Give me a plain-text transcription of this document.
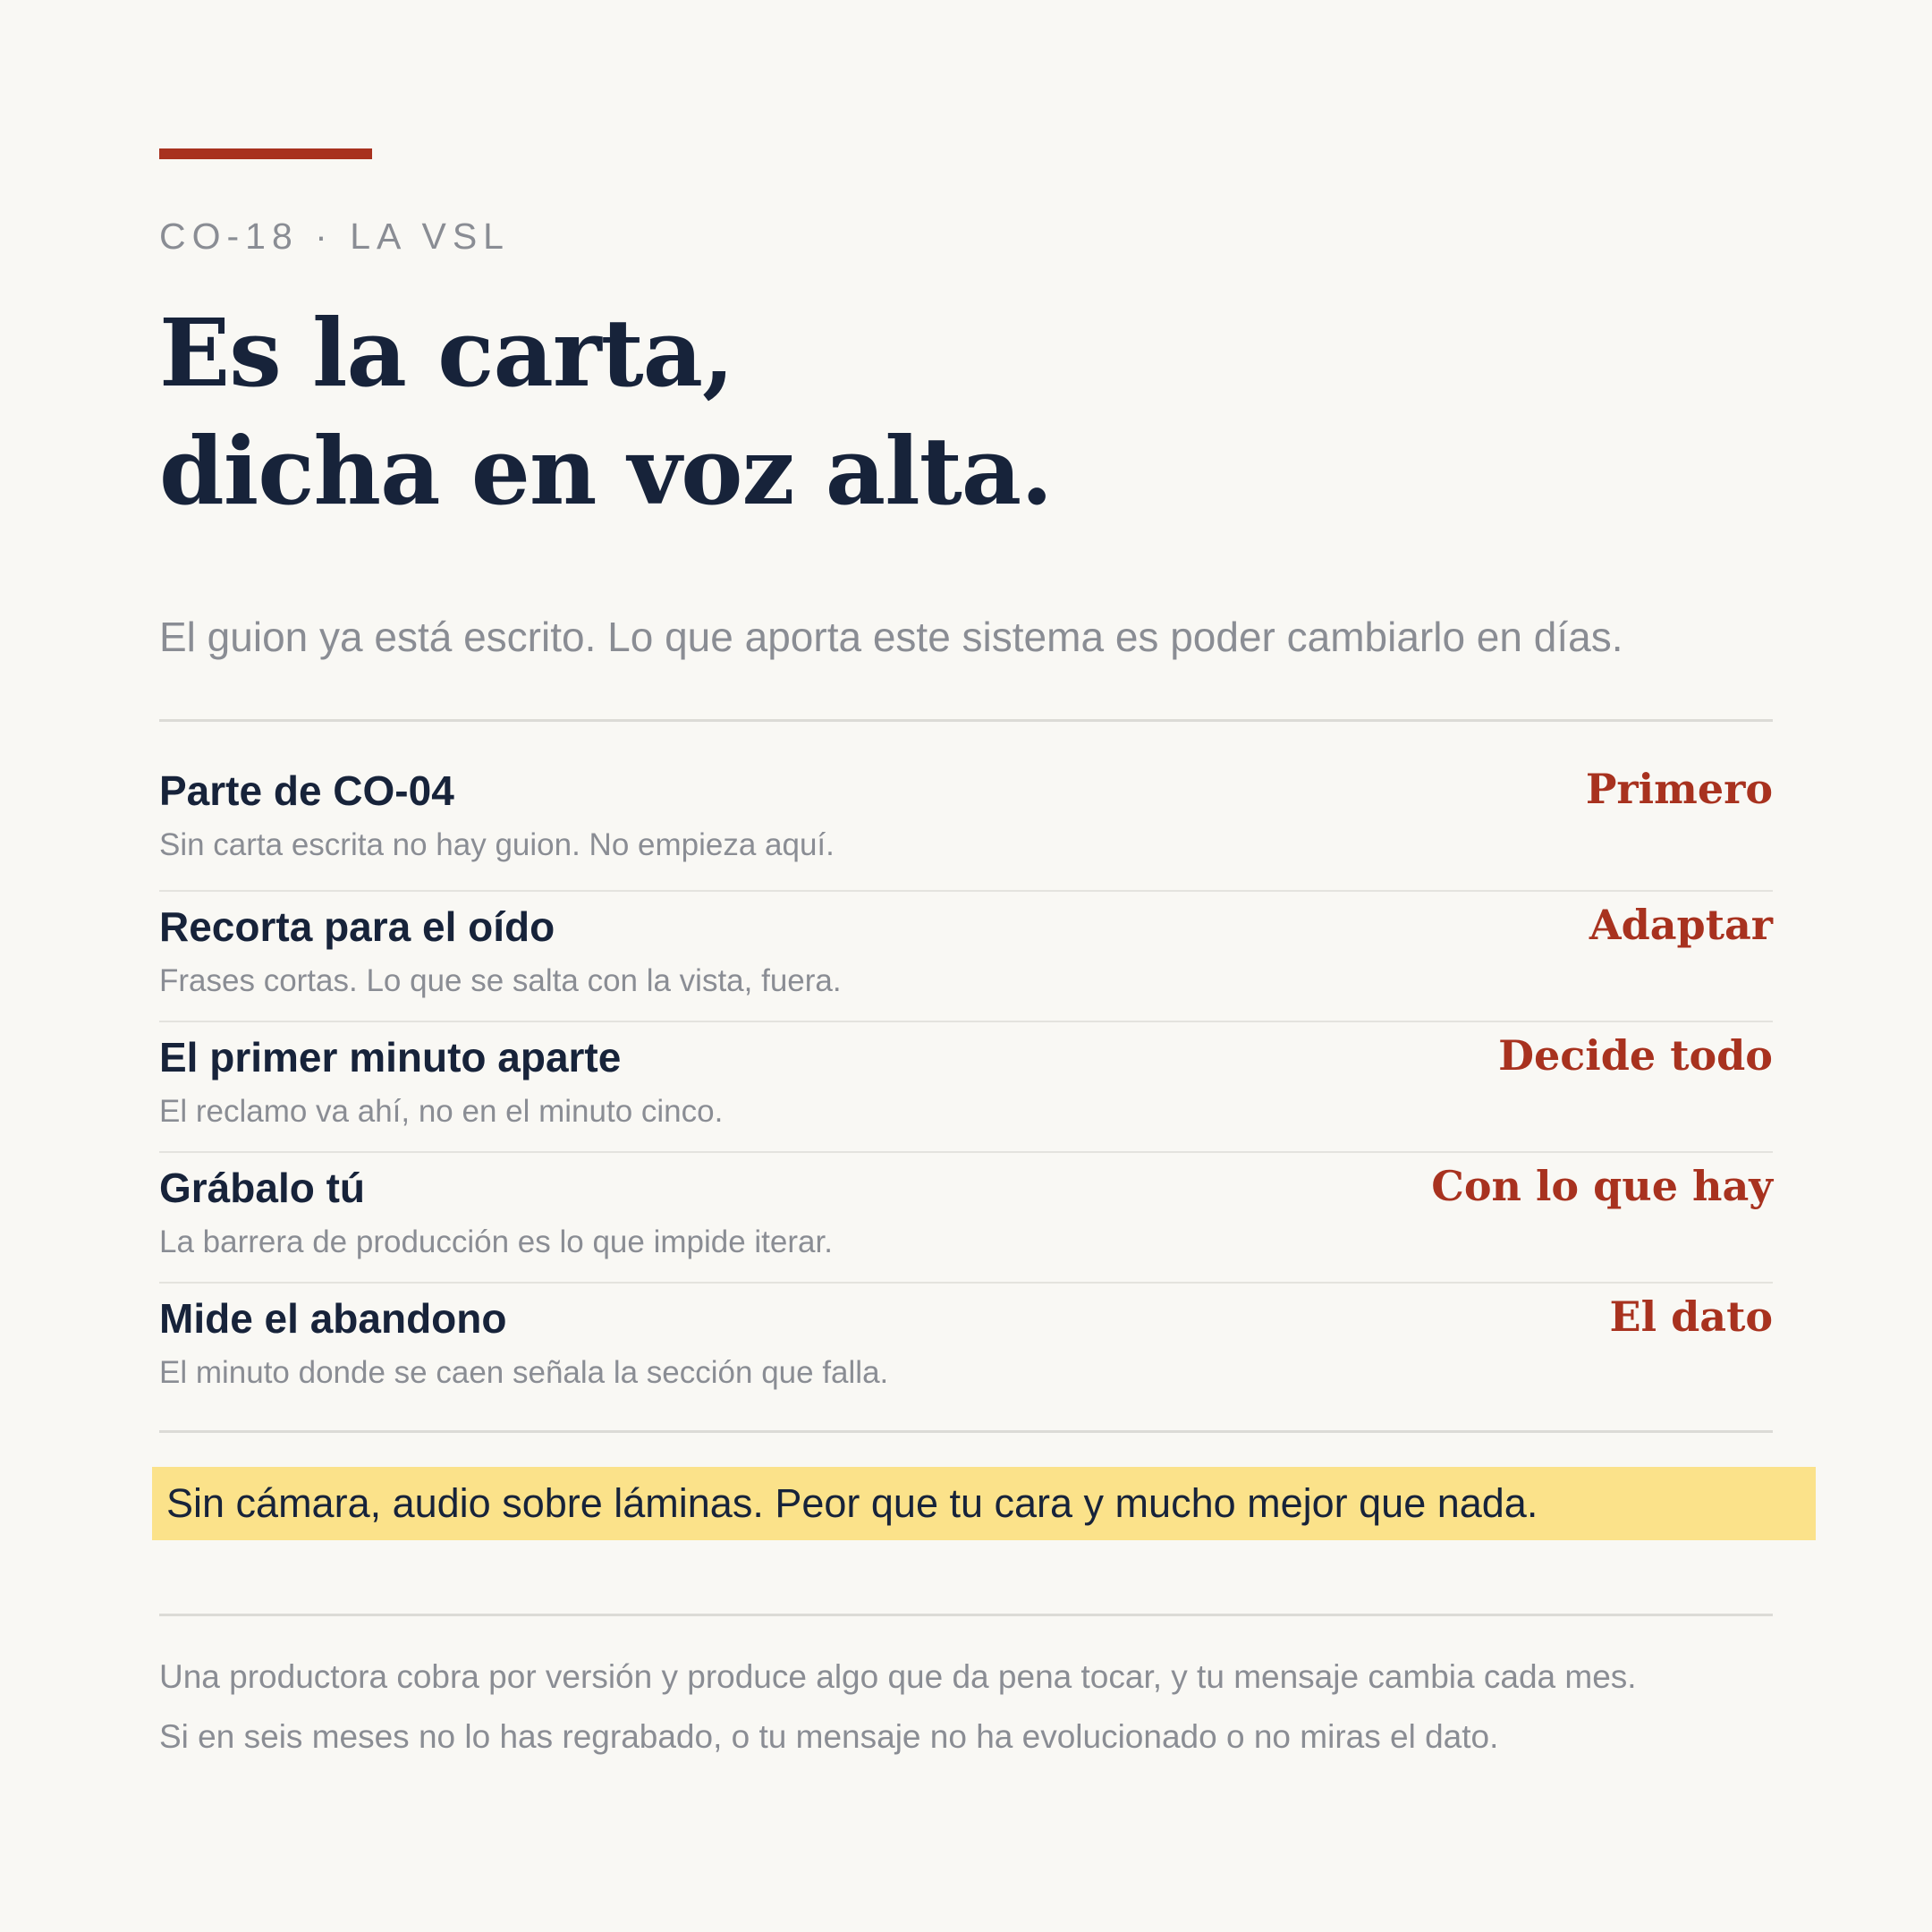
CO-18 · LA VSL
Es la carta,
dicha en voz alta.
El guion ya está escrito. Lo que aporta este sistema es poder cambiarlo en días.
Parte de CO-04
Sin carta escrita no hay guion. No empieza aquí.
Primero
Recorta para el oído
Frases cortas. Lo que se salta con la vista, fuera.
Adaptar
El primer minuto aparte
El reclamo va ahí, no en el minuto cinco.
Decide todo
Grábalo tú
La barrera de producción es lo que impide iterar.
Con lo que hay
Mide el abandono
El minuto donde se caen señala la sección que falla.
El dato
Sin cámara, audio sobre láminas. Peor que tu cara y mucho mejor que nada.
Una productora cobra por versión y produce algo que da pena tocar, y tu mensaje cambia cada mes.
Si en seis meses no lo has regrabado, o tu mensaje no ha evolucionado o no miras el dato.
